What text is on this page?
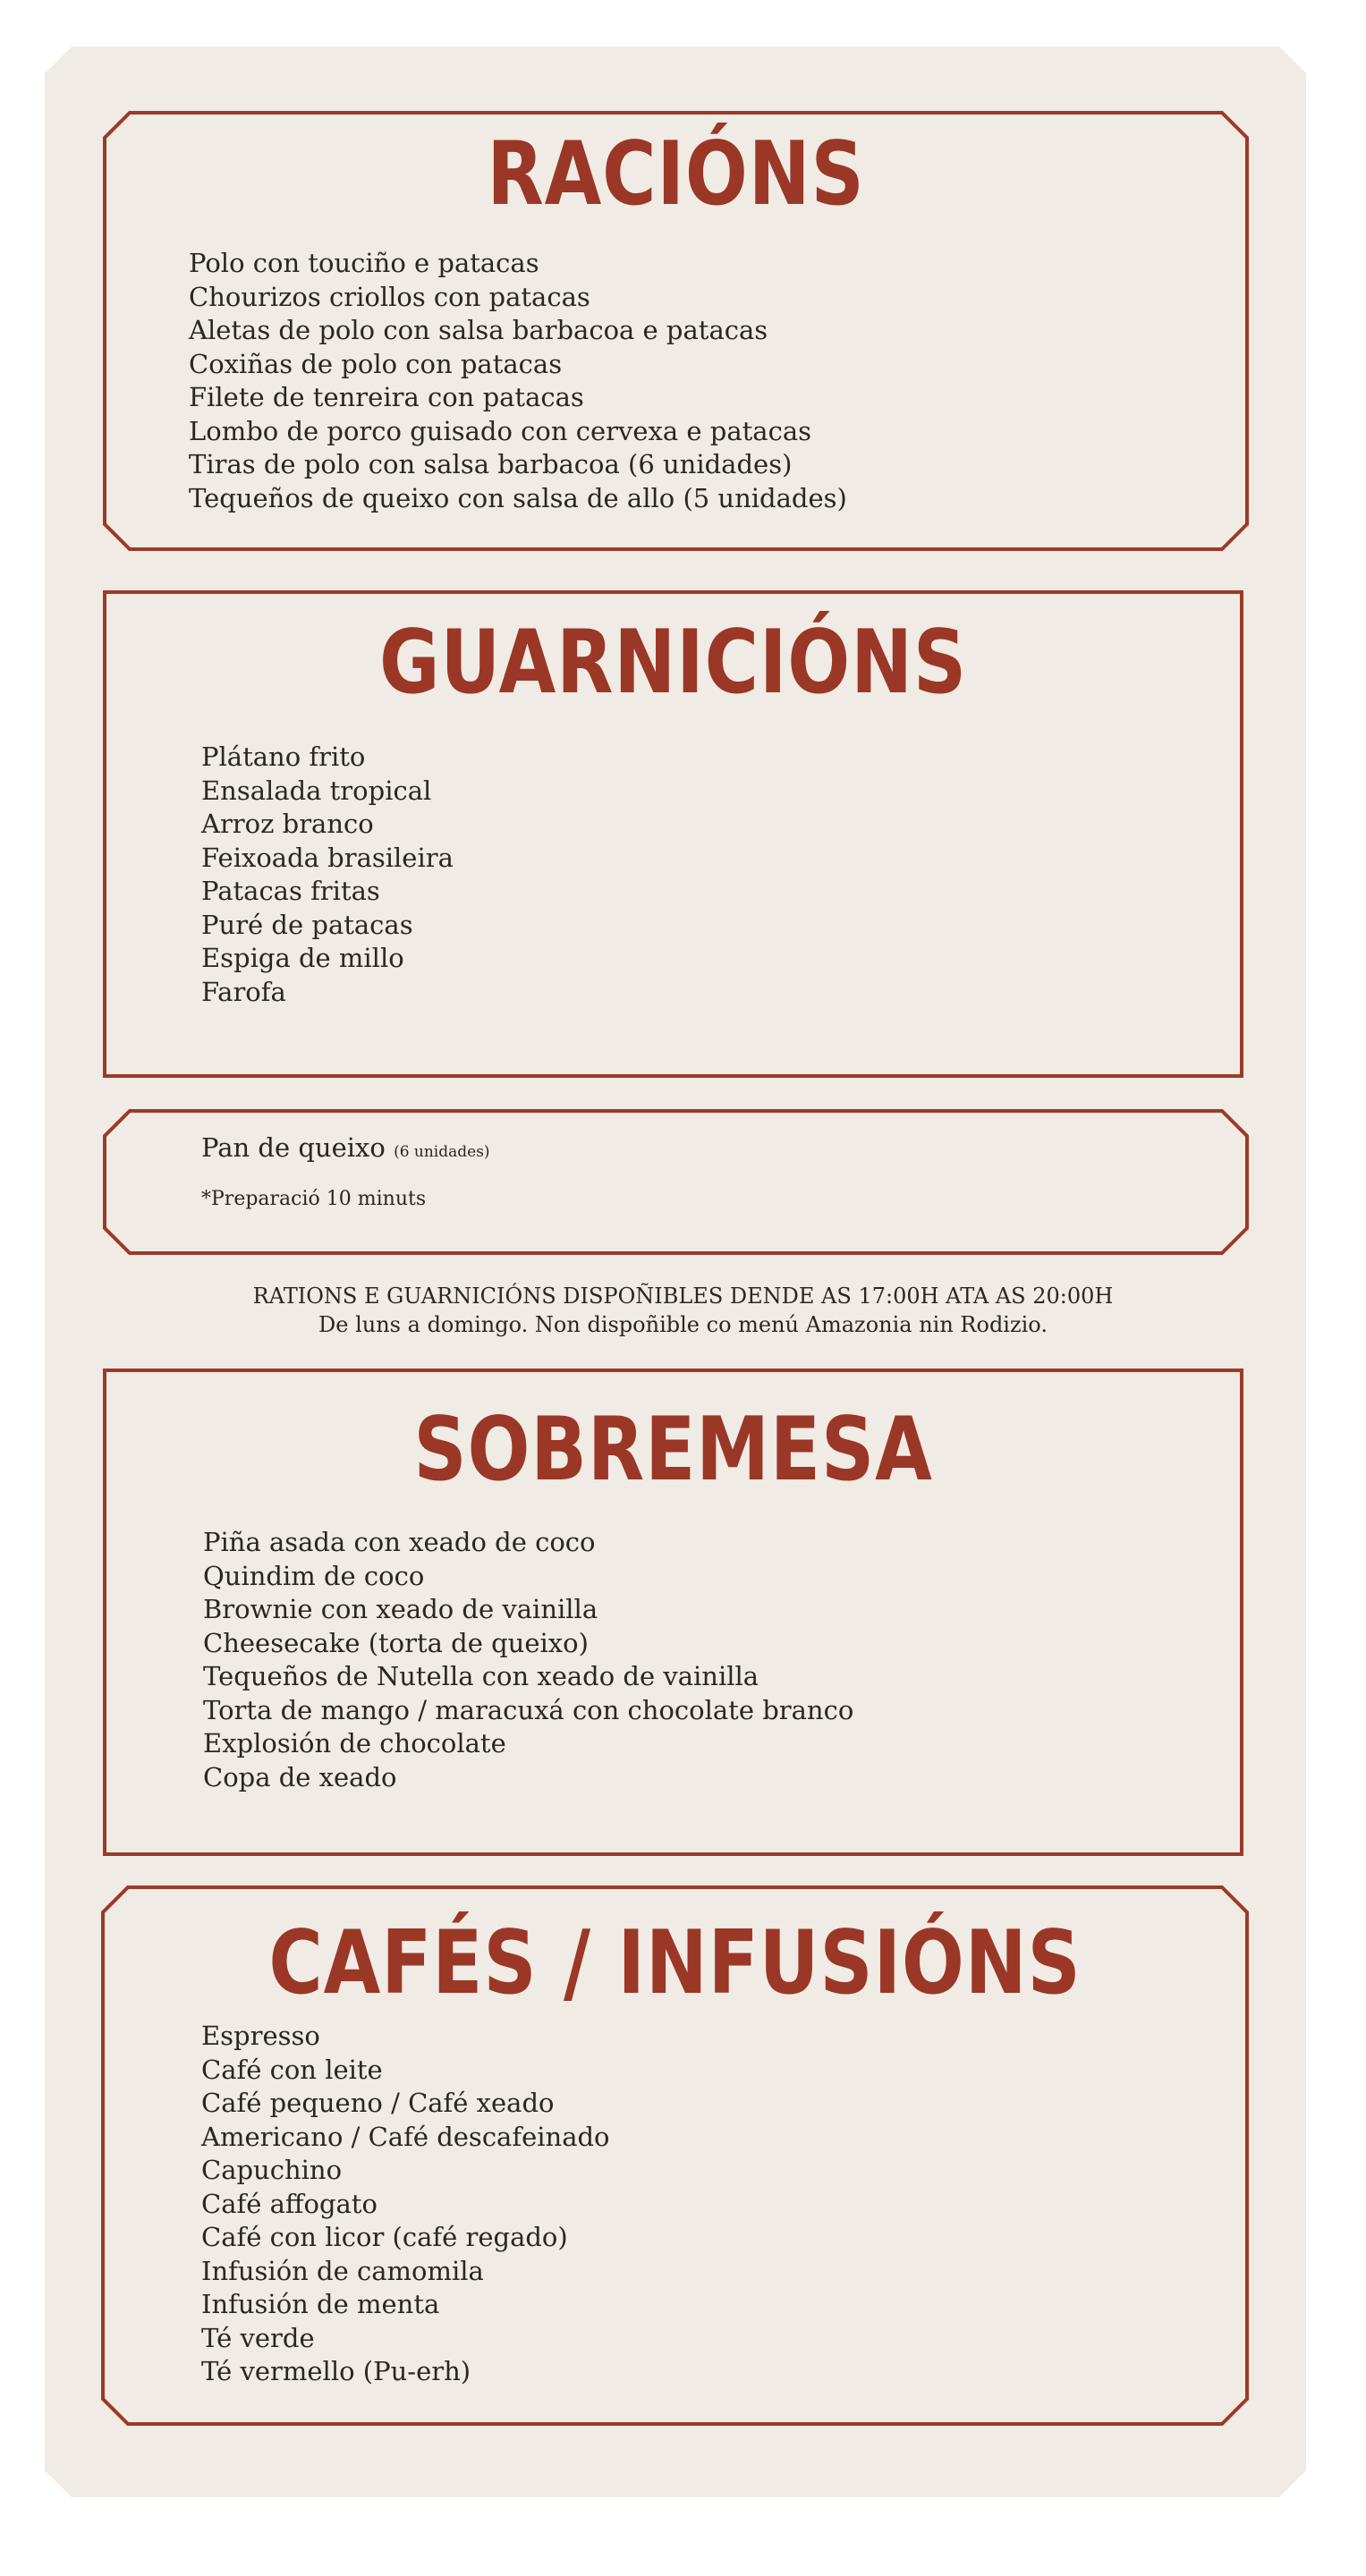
RACIÓNS
Polo con touciño e patacas
Chourizos criollos con patacas
Aletas de polo con salsa barbacoa e patacas
Coxiñas de polo con patacas
Filete de tenreira con patacas
Lombo de porco guisado con cervexa e patacas
Tiras de polo con salsa barbacoa (6 unidades)
Tequeños de queixo con salsa de allo (5 unidades)
GUARNICIÓNS
Plátano frito
Ensalada tropical
Arroz branco
Feixoada brasileira
Patacas fritas
Puré de patacas
Espiga de millo
Farofa
Pan de queixo (6 unidades)
*Preparació 10 minuts
RATIONS E GUARNICIÓNS DISPOÑIBLES DENDE AS 17:00H ATA AS 20:00H
De luns a domingo. Non dispoñible co menú Amazonia nin Rodizio.
SOBREMESA
Piña asada con xeado de coco
Quindim de coco
Brownie con xeado de vainilla
Cheesecake (torta de queixo)
Tequeños de Nutella con xeado de vainilla
Torta de mango / maracuxá con chocolate branco
Explosión de chocolate
Copa de xeado
CAFÉS / INFUSIÓNS
Espresso
Café con leite
Café pequeno / Café xeado
Americano / Café descafeinado
Capuchino
Café affogato
Café con licor (café regado)
Infusión de camomila
Infusión de menta
Té verde
Té vermello (Pu-erh)
